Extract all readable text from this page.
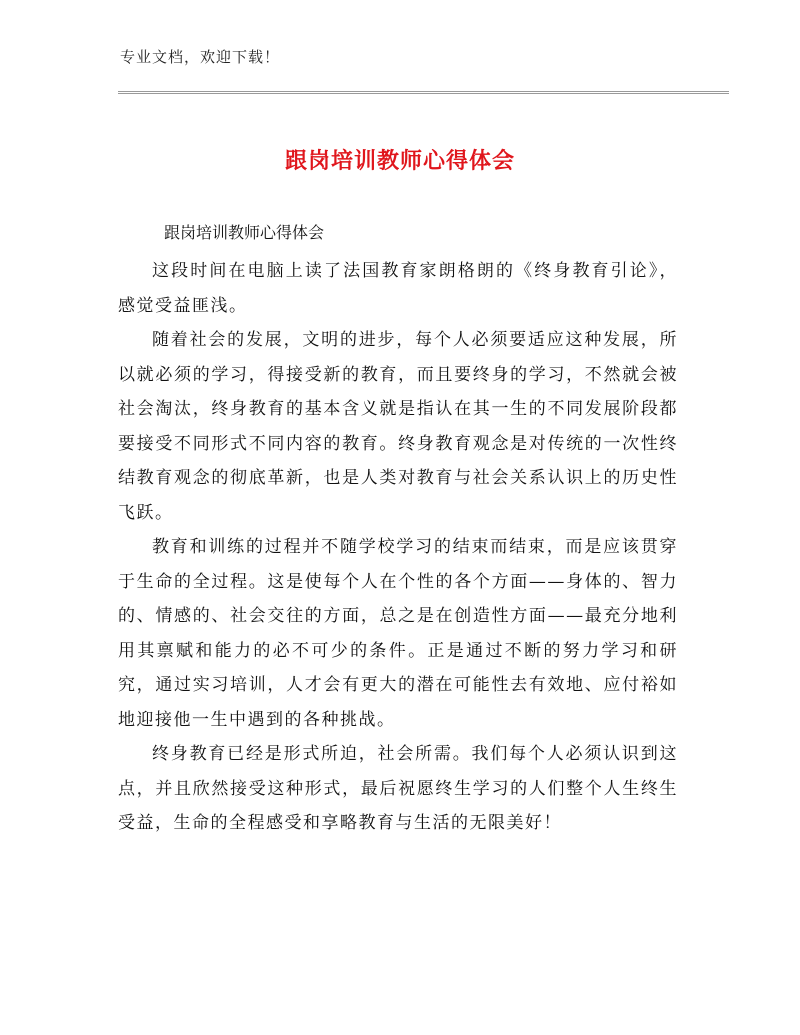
专业文档，欢迎下载！
跟岗培训教师心得体会
跟岗培训教师心得体会

这段时间在电脑上读了法国教育家朗格朗的《终身教育引论》，感觉受益匪浅。

随着社会的发展，文明的进步，每个人必须要适应这种发展，所以就必须的学习，得接受新的教育，而且要终身的学习，不然就会被社会淘汰，终身教育的基本含义就是指认在其一生的不同发展阶段都要接受不同形式不同内容的教育。终身教育观念是对传统的一次性终结教育观念的彻底革新，也是人类对教育与社会关系认识上的历史性飞跃。

教育和训练的过程并不随学校学习的结束而结束，而是应该贯穿于生命的全过程。这是使每个人在个性的各个方面——身体的、智力的、情感的、社会交往的方面，总之是在创造性方面——最充分地利用其禀赋和能力的必不可少的条件。正是通过不断的努力学习和研究，通过实习培训，人才会有更大的潜在可能性去有效地、应付裕如地迎接他一生中遇到的各种挑战。

终身教育已经是形式所迫，社会所需。我们每个人必须认识到这点，并且欣然接受这种形式，最后祝愿终生学习的人们整个人生终生受益，生命的全程感受和享略教育与生活的无限美好！
